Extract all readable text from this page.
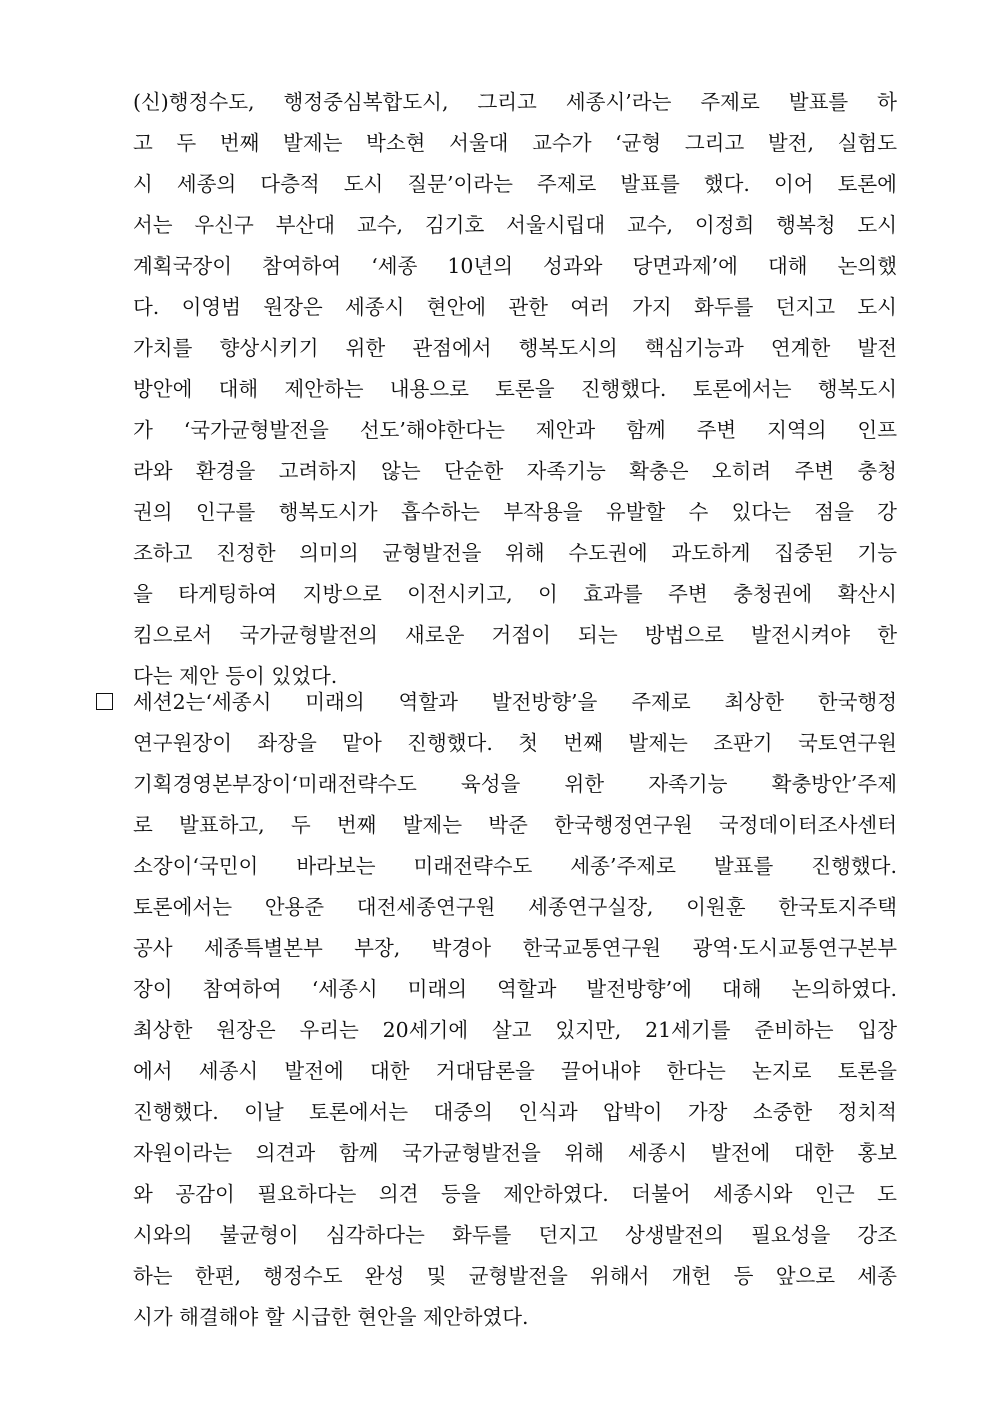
(신)행정수도, 행정중심복합도시, 그리고 세종시’라는 주제로 발표를 하
고 두 번째 발제는 박소현 서울대 교수가 ‘균형 그리고 발전, 실험도
시 세종의 다층적 도시 질문’이라는 주제로 발표를 했다. 이어 토론에
서는 우신구 부산대 교수, 김기호 서울시립대 교수, 이정희 행복청 도시
계획국장이 참여하여 ‘세종 10년의 성과와 당면과제’에 대해 논의했
다. 이영범 원장은 세종시 현안에 관한 여러 가지 화두를 던지고 도시
가치를 향상시키기 위한 관점에서 행복도시의 핵심기능과 연계한 발전
방안에 대해 제안하는 내용으로 토론을 진행했다. 토론에서는 행복도시
가 ‘국가균형발전을 선도’해야한다는 제안과 함께 주변 지역의 인프
라와 환경을 고려하지 않는 단순한 자족기능 확충은 오히려 주변 충청
권의 인구를 행복도시가 흡수하는 부작용을 유발할 수 있다는 점을 강
조하고 진정한 의미의 균형발전을 위해 수도권에 과도하게 집중된 기능
을 타게팅하여 지방으로 이전시키고, 이 효과를 주변 충청권에 확산시
킴으로서 국가균형발전의 새로운 거점이 되는 방법으로 발전시켜야 한
다는 제안 등이 있었다.
세션2는‘세종시 미래의 역할과 발전방향’을 주제로 최상한 한국행정
연구원장이 좌장을 맡아 진행했다. 첫 번째 발제는 조판기 국토연구원
기획경영본부장이‘미래전략수도 육성을 위한 자족기능 확충방안’주제
로 발표하고, 두 번째 발제는 박준 한국행정연구원 국정데이터조사센터
소장이‘국민이 바라보는 미래전략수도 세종’주제로 발표를 진행했다.
토론에서는 안용준 대전세종연구원 세종연구실장, 이원훈 한국토지주택
공사 세종특별본부 부장, 박경아 한국교통연구원 광역·도시교통연구본부
장이 참여하여 ‘세종시 미래의 역할과 발전방향’에 대해 논의하였다.
최상한 원장은 우리는 20세기에 살고 있지만, 21세기를 준비하는 입장
에서 세종시 발전에 대한 거대담론을 끌어내야 한다는 논지로 토론을
진행했다. 이날 토론에서는 대중의 인식과 압박이 가장 소중한 정치적
자원이라는 의견과 함께 국가균형발전을 위해 세종시 발전에 대한 홍보
와 공감이 필요하다는 의견 등을 제안하였다. 더불어 세종시와 인근 도
시와의 불균형이 심각하다는 화두를 던지고 상생발전의 필요성을 강조
하는 한편, 행정수도 완성 및 균형발전을 위해서 개헌 등 앞으로 세종
시가 해결해야 할 시급한 현안을 제안하였다.
